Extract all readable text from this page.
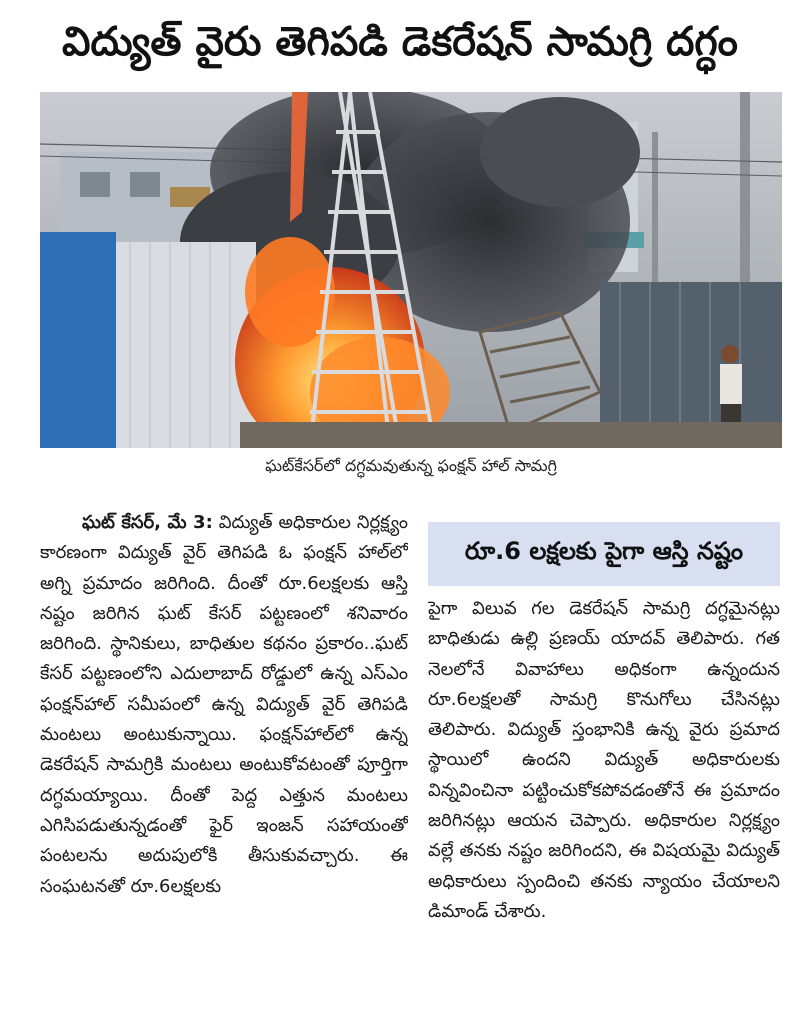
విద్యుత్ వైరు తెగిపడి డెకరేషన్ సామగ్రి దగ్ధం
ఘట్‌కేసర్‌లో దగ్ధమవుతున్న ఫంక్షన్ హాల్ సామగ్రి

ఘట్ కేసర్, మే 3: విద్యుత్ అధికారుల నిర్లక్ష్యం కారణంగా విద్యుత్ వైర్ తెగిపడి ఓ ఫంక్షన్ హాల్‌లో అగ్ని ప్రమాదం జరిగింది. దీంతో రూ.6లక్షలకు ఆస్తి నష్టం జరిగిన ఘట్ కేసర్ పట్టణంలో శనివారం జరిగింది. స్థానికులు, బాధితుల కథనం ప్రకారం..ఘట్ కేసర్ పట్టణంలోని ఎదులాబాద్ రోడ్డులో ఉన్న ఎస్ఎం ఫంక్షన్‌హాల్ సమీపంలో ఉన్న విద్యుత్ వైర్ తెగిపడి మంటలు అంటుకున్నాయి. ఫంక్షన్‌హాల్‌లో ఉన్న డెకరేషన్ సామగ్రికి మంటలు అంటుకోవటంతో పూర్తిగా దగ్ధమయ్యాయి. దీంతో పెద్ద ఎత్తున మంటలు ఎగిసిపడుతున్నడంతో ఫైర్ ఇంజన్ సహాయంతో పంటలను అదుపులోకి తీసుకువచ్చారు. ఈ సంఘటనతో రూ.6లక్షలకు

రూ.6 లక్షలకు పైగా ఆస్తి నష్టం

పైగా విలువ గల డెకరేషన్ సామగ్రి దగ్ధమైనట్లు బాధితుడు ఉల్లి ప్రణయ్ యాదవ్ తెలిపారు. గత నెలలోనే వివాహాలు అధికంగా ఉన్నందున రూ.6లక్షలతో సామగ్రి కొనుగోలు చేసినట్లు తెలిపారు. విద్యుత్ స్తంభానికి ఉన్న వైరు ప్రమాద స్థాయిలో ఉందని విద్యుత్ అధికారులకు విన్నవించినా పట్టించుకోకపోవడంతోనే ఈ ప్రమాదం జరిగినట్లు ఆయన చెప్పారు. అధికారుల నిర్లక్ష్యం వల్లే తనకు నష్టం జరిగిందని, ఈ విషయమై విద్యుత్ అధికారులు స్పందించి తనకు న్యాయం చేయాలని డిమాండ్ చేశారు.
